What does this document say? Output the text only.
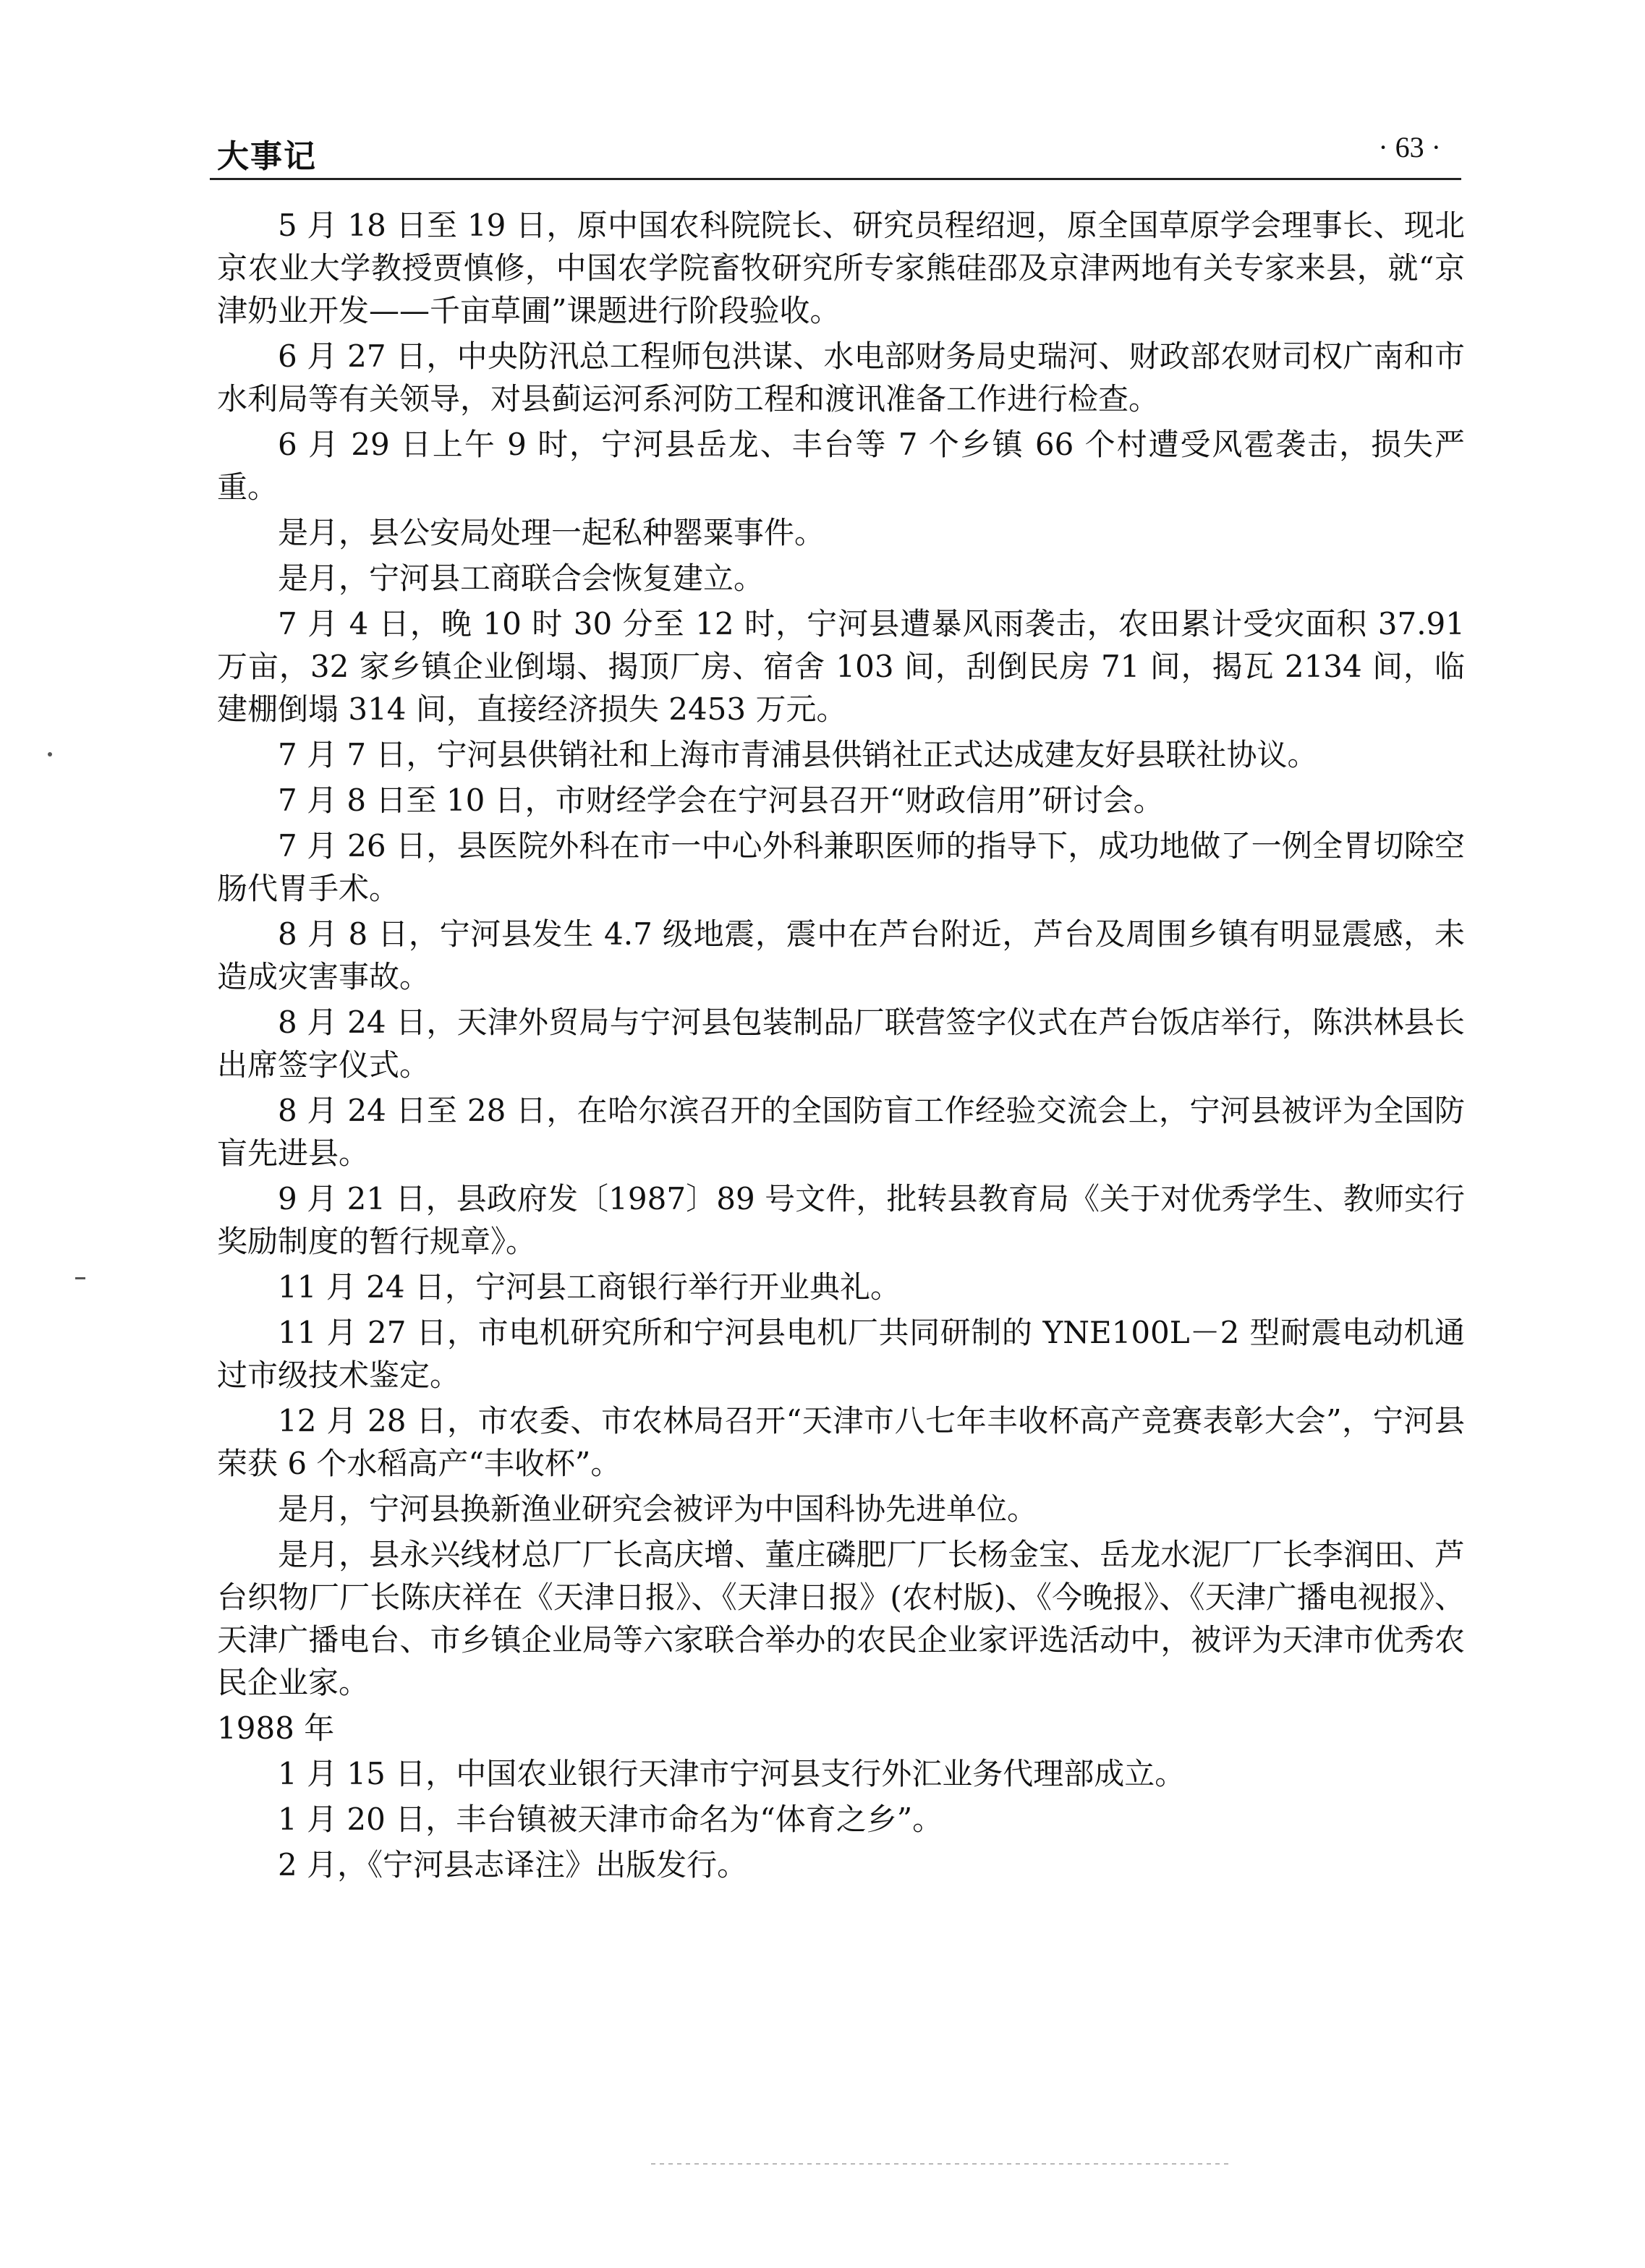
大事记	· 63 ·

5 月 18 日至 19 日，原中国农科院院长、研究员程绍迥，原全国草原学会理事长、现北京农业大学教授贾慎修，中国农学院畜牧研究所专家熊硅邵及京津两地有关专家来县，就“京津奶业开发——千亩草圃”课题进行阶段验收。

6 月 27 日，中央防汛总工程师包洪谋、水电部财务局史瑞河、财政部农财司权广南和市水利局等有关领导，对县蓟运河系河防工程和渡讯准备工作进行检查。

6 月 29 日上午 9 时，宁河县岳龙、丰台等 7 个乡镇 66 个村遭受风雹袭击，损失严重。

是月，县公安局处理一起私种罂粟事件。

是月，宁河县工商联合会恢复建立。

7 月 4 日，晚 10 时 30 分至 12 时，宁河县遭暴风雨袭击，农田累计受灾面积 37.91 万亩，32 家乡镇企业倒塌、揭顶厂房、宿舍 103 间，刮倒民房 71 间，揭瓦 2134 间，临建棚倒塌 314 间，直接经济损失 2453 万元。

7 月 7 日，宁河县供销社和上海市青浦县供销社正式达成建友好县联社协议。

7 月 8 日至 10 日，市财经学会在宁河县召开“财政信用”研讨会。

7 月 26 日，县医院外科在市一中心外科兼职医师的指导下，成功地做了一例全胃切除空肠代胃手术。

8 月 8 日，宁河县发生 4.7 级地震，震中在芦台附近，芦台及周围乡镇有明显震感，未造成灾害事故。

8 月 24 日，天津外贸局与宁河县包装制品厂联营签字仪式在芦台饭店举行，陈洪林县长出席签字仪式。

8 月 24 日至 28 日，在哈尔滨召开的全国防盲工作经验交流会上，宁河县被评为全国防盲先进县。

9 月 21 日，县政府发〔1987〕89 号文件，批转县教育局《关于对优秀学生、教师实行奖励制度的暂行规章》。

11 月 24 日，宁河县工商银行举行开业典礼。

11 月 27 日，市电机研究所和宁河县电机厂共同研制的 YNE100L－2 型耐震电动机通过市级技术鉴定。

12 月 28 日，市农委、市农林局召开“天津市八七年丰收杯高产竞赛表彰大会”，宁河县荣获 6 个水稻高产“丰收杯”。

是月，宁河县换新渔业研究会被评为中国科协先进单位。

是月，县永兴线材总厂厂长高庆增、董庄磷肥厂厂长杨金宝、岳龙水泥厂厂长李润田、芦台织物厂厂长陈庆祥在《天津日报》、《天津日报》(农村版)、《今晚报》、《天津广播电视报》、天津广播电台、市乡镇企业局等六家联合举办的农民企业家评选活动中，被评为天津市优秀农民企业家。

1988 年

1 月 15 日，中国农业银行天津市宁河县支行外汇业务代理部成立。

1 月 20 日，丰台镇被天津市命名为“体育之乡”。

2 月，《宁河县志译注》出版发行。
